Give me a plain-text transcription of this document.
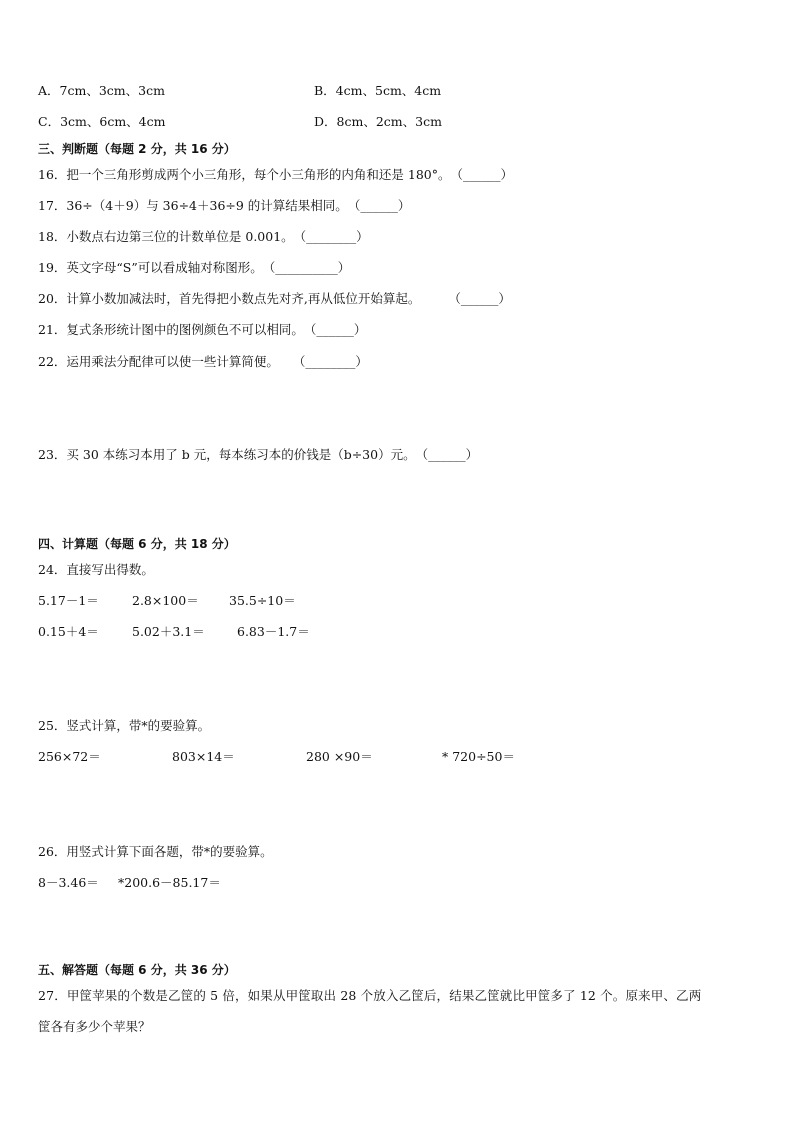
A．7cm、3cm、3cm	B．4cm、5cm、4cm
C．3cm、6cm、4cm	D．8cm、2cm、3cm
三、判断题（每题 2 分，共 16 分）
16．把一个三角形剪成两个小三角形，每个小三角形的内角和还是 180°。（______）
17．36÷（4＋9）与 36÷4＋36÷9 的计算结果相同。（______）
18．小数点右边第三位的计数单位是 0.001。（________）
19．英文字母“S”可以看成轴对称图形。（__________）
20．计算小数加减法时，首先得把小数点先对齐,再从低位开始算起。 （______）
21．复式条形统计图中的图例颜色不可以相同。（______）
22．运用乘法分配律可以使一些计算简便。 （________）
23．买 30 本练习本用了 b 元，每本练习本的价钱是（b÷30）元。（______）
四、计算题（每题 6 分，共 18 分）
24．直接写出得数。
5.17－1＝	2.8×100＝ 35.5÷10＝
0.15＋4＝	5.02＋3.1＝	6.83－1.7＝
25．竖式计算，带*的要验算。
256×72＝	803×14＝	280 ×90＝	* 720÷50＝
26．用竖式计算下面各题，带*的要验算。
8－3.46＝ *200.6－85.17＝
五、解答题（每题 6 分，共 36 分）
27．甲筐苹果的个数是乙筐的 5 倍，如果从甲筐取出 28 个放入乙筐后，结果乙筐就比甲筐多了 12 个。原来甲、乙两
筐各有多少个苹果？
